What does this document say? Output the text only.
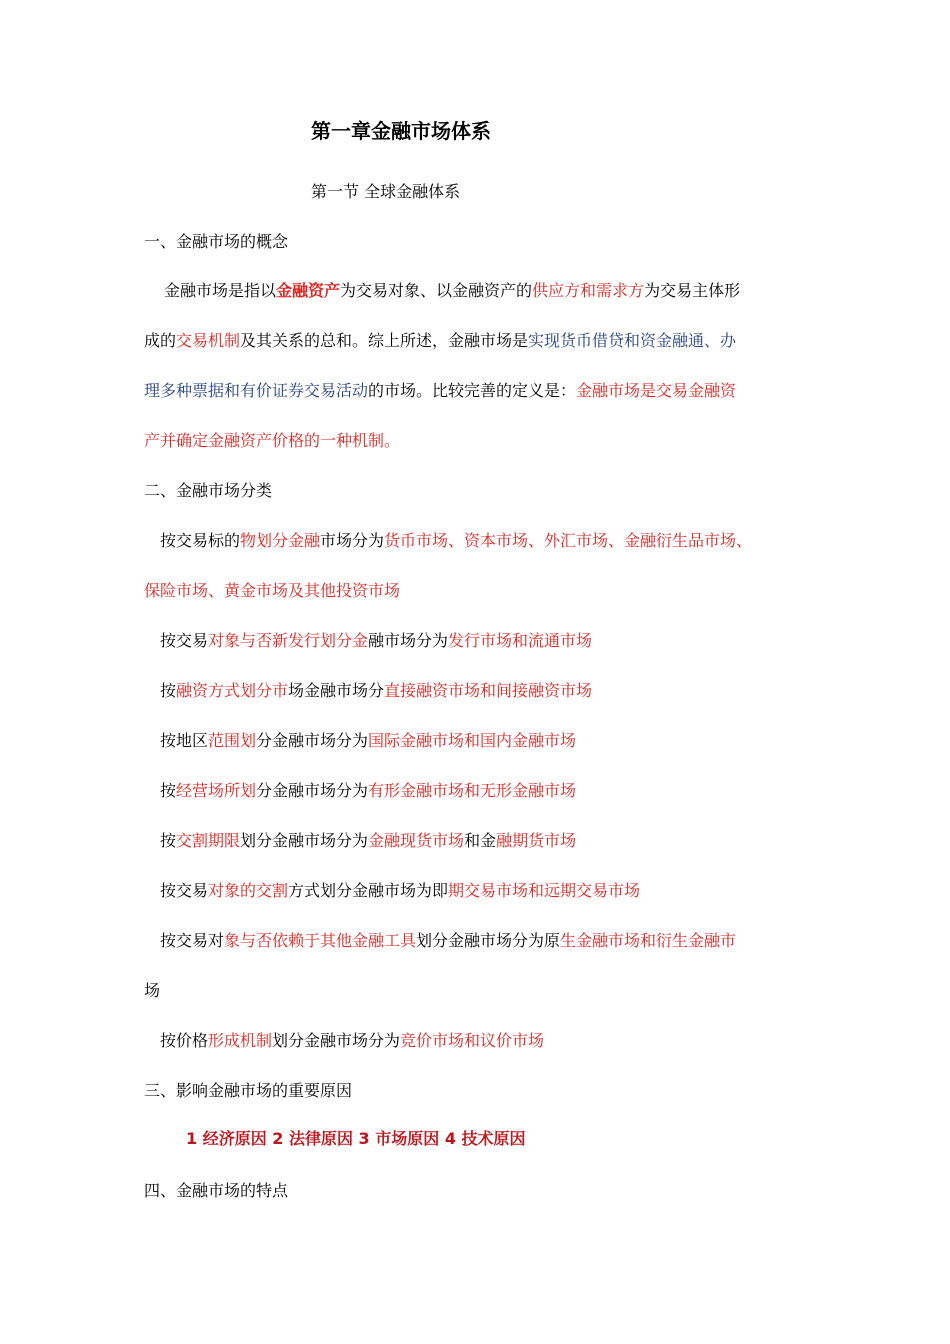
第一章金融市场体系
第一节 全球金融体系
一、金融市场的概念
金融市场是指以金融资产为交易对象、以金融资产的供应方和需求方为交易主体形
成的交易机制及其关系的总和。综上所述，金融市场是实现货币借贷和资金融通、办
理多种票据和有价证券交易活动的市场。比较完善的定义是：金融市场是交易金融资
产并确定金融资产价格的一种机制。
二、金融市场分类
按交易标的物划分金融市场分为货币市场、资本市场、外汇市场、金融衍生品市场、
保险市场、黄金市场及其他投资市场
按交易对象与否新发行划分金融市场分为发行市场和流通市场
按融资方式划分市场金融市场分直接融资市场和间接融资市场
按地区范围划分金融市场分为国际金融市场和国内金融市场
按经营场所划分金融市场分为有形金融市场和无形金融市场
按交割期限划分金融市场分为金融现货市场和金融期货市场
按交易对象的交割方式划分金融市场为即期交易市场和远期交易市场
按交易对象与否依赖于其他金融工具划分金融市场分为原生金融市场和衍生金融市
场
按价格形成机制划分金融市场分为竞价市场和议价市场
三、影响金融市场的重要原因
1 经济原因 2 法律原因 3 市场原因 4 技术原因
四、金融市场的特点
